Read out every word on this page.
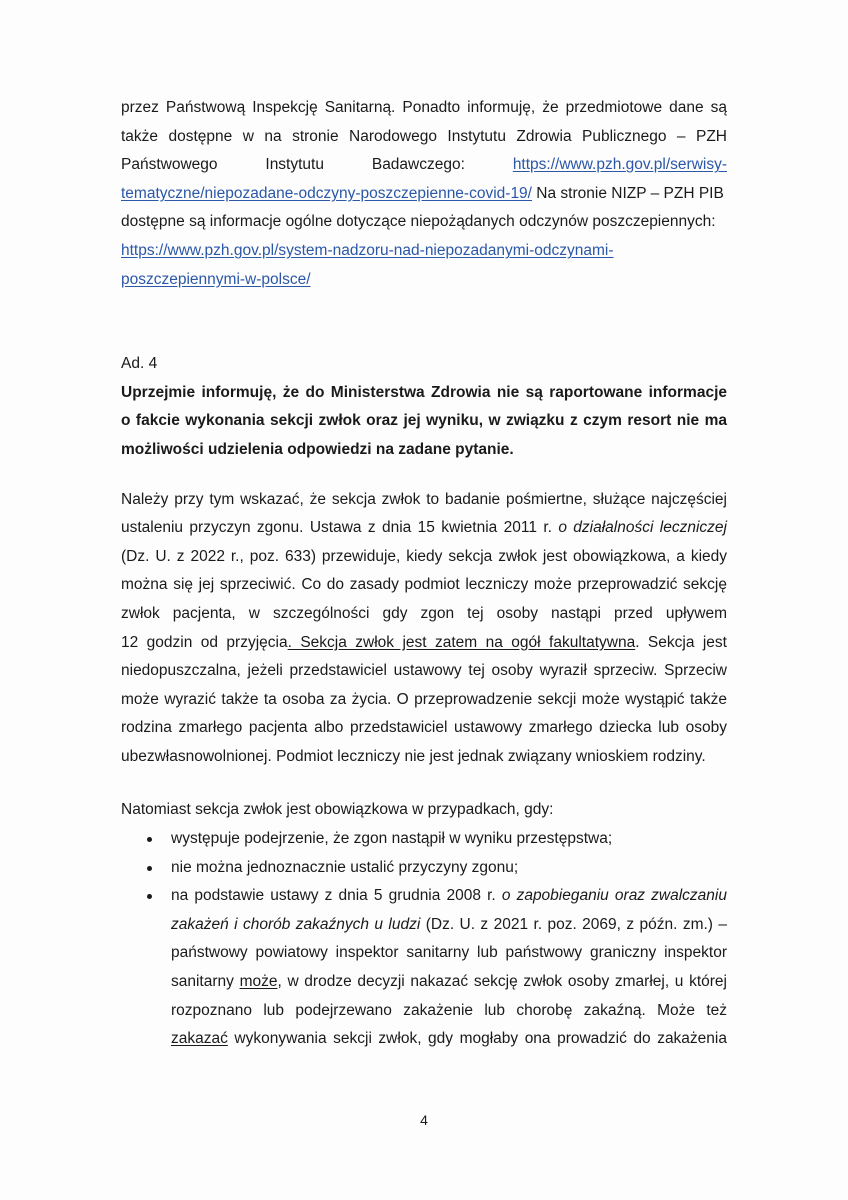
przez Państwową Inspekcję Sanitarną. Ponadto informuję, że przedmiotowe dane są
także dostępne w na stronie Narodowego Instytutu Zdrowia Publicznego – PZH
Państwowego Instytutu Badawczego:	https://www.pzh.gov.pl/serwisy-
tematyczne/niepozadane-odczyny-poszczepienne-covid-19/ Na stronie NIZP – PZH PIB
dostępne są informacje ogólne dotyczące niepożądanych odczynów poszczepiennych:
https://www.pzh.gov.pl/system-nadzoru-nad-niepozadanymi-odczynami-
poszczepiennymi-w-polsce/
Ad. 4
Uprzejmie informuję, że do Ministerstwa Zdrowia nie są raportowane informacje
o fakcie wykonania sekcji zwłok oraz jej wyniku, w związku z czym resort nie ma
możliwości udzielenia odpowiedzi na zadane pytanie.
Należy przy tym wskazać, że sekcja zwłok to badanie pośmiertne, służące najczęściej
ustaleniu przyczyn zgonu. Ustawa z dnia 15 kwietnia 2011 r. o działalności leczniczej
(Dz. U. z 2022 r., poz. 633) przewiduje, kiedy sekcja zwłok jest obowiązkowa, a kiedy
można się jej sprzeciwić. Co do zasady podmiot leczniczy może przeprowadzić sekcję
zwłok pacjenta, w szczególności gdy zgon tej osoby nastąpi przed upływem
12 godzin od przyjęcia. Sekcja zwłok jest zatem na ogół fakultatywna. Sekcja jest
niedopuszczalna, jeżeli przedstawiciel ustawowy tej osoby wyraził sprzeciw. Sprzeciw
może wyrazić także ta osoba za życia. O przeprowadzenie sekcji może wystąpić także
rodzina zmarłego pacjenta albo przedstawiciel ustawowy zmarłego dziecka lub osoby
ubezwłasnowolnionej. Podmiot leczniczy nie jest jednak związany wnioskiem rodziny.
Natomiast sekcja zwłok jest obowiązkowa w przypadkach, gdy:
występuje podejrzenie, że zgon nastąpił w wyniku przestępstwa;
nie można jednoznacznie ustalić przyczyny zgonu;
na podstawie ustawy z dnia 5 grudnia 2008 r. o zapobieganiu oraz zwalczaniu
zakażeń i chorób zakaźnych u ludzi (Dz. U. z 2021 r. poz. 2069, z późn. zm.) –
państwowy powiatowy inspektor sanitarny lub państwowy graniczny inspektor
sanitarny może, w drodze decyzji nakazać sekcję zwłok osoby zmarłej, u której
rozpoznano lub podejrzewano zakażenie lub chorobę zakaźną. Może też
zakazać wykonywania sekcji zwłok, gdy mogłaby ona prowadzić do zakażenia
4
